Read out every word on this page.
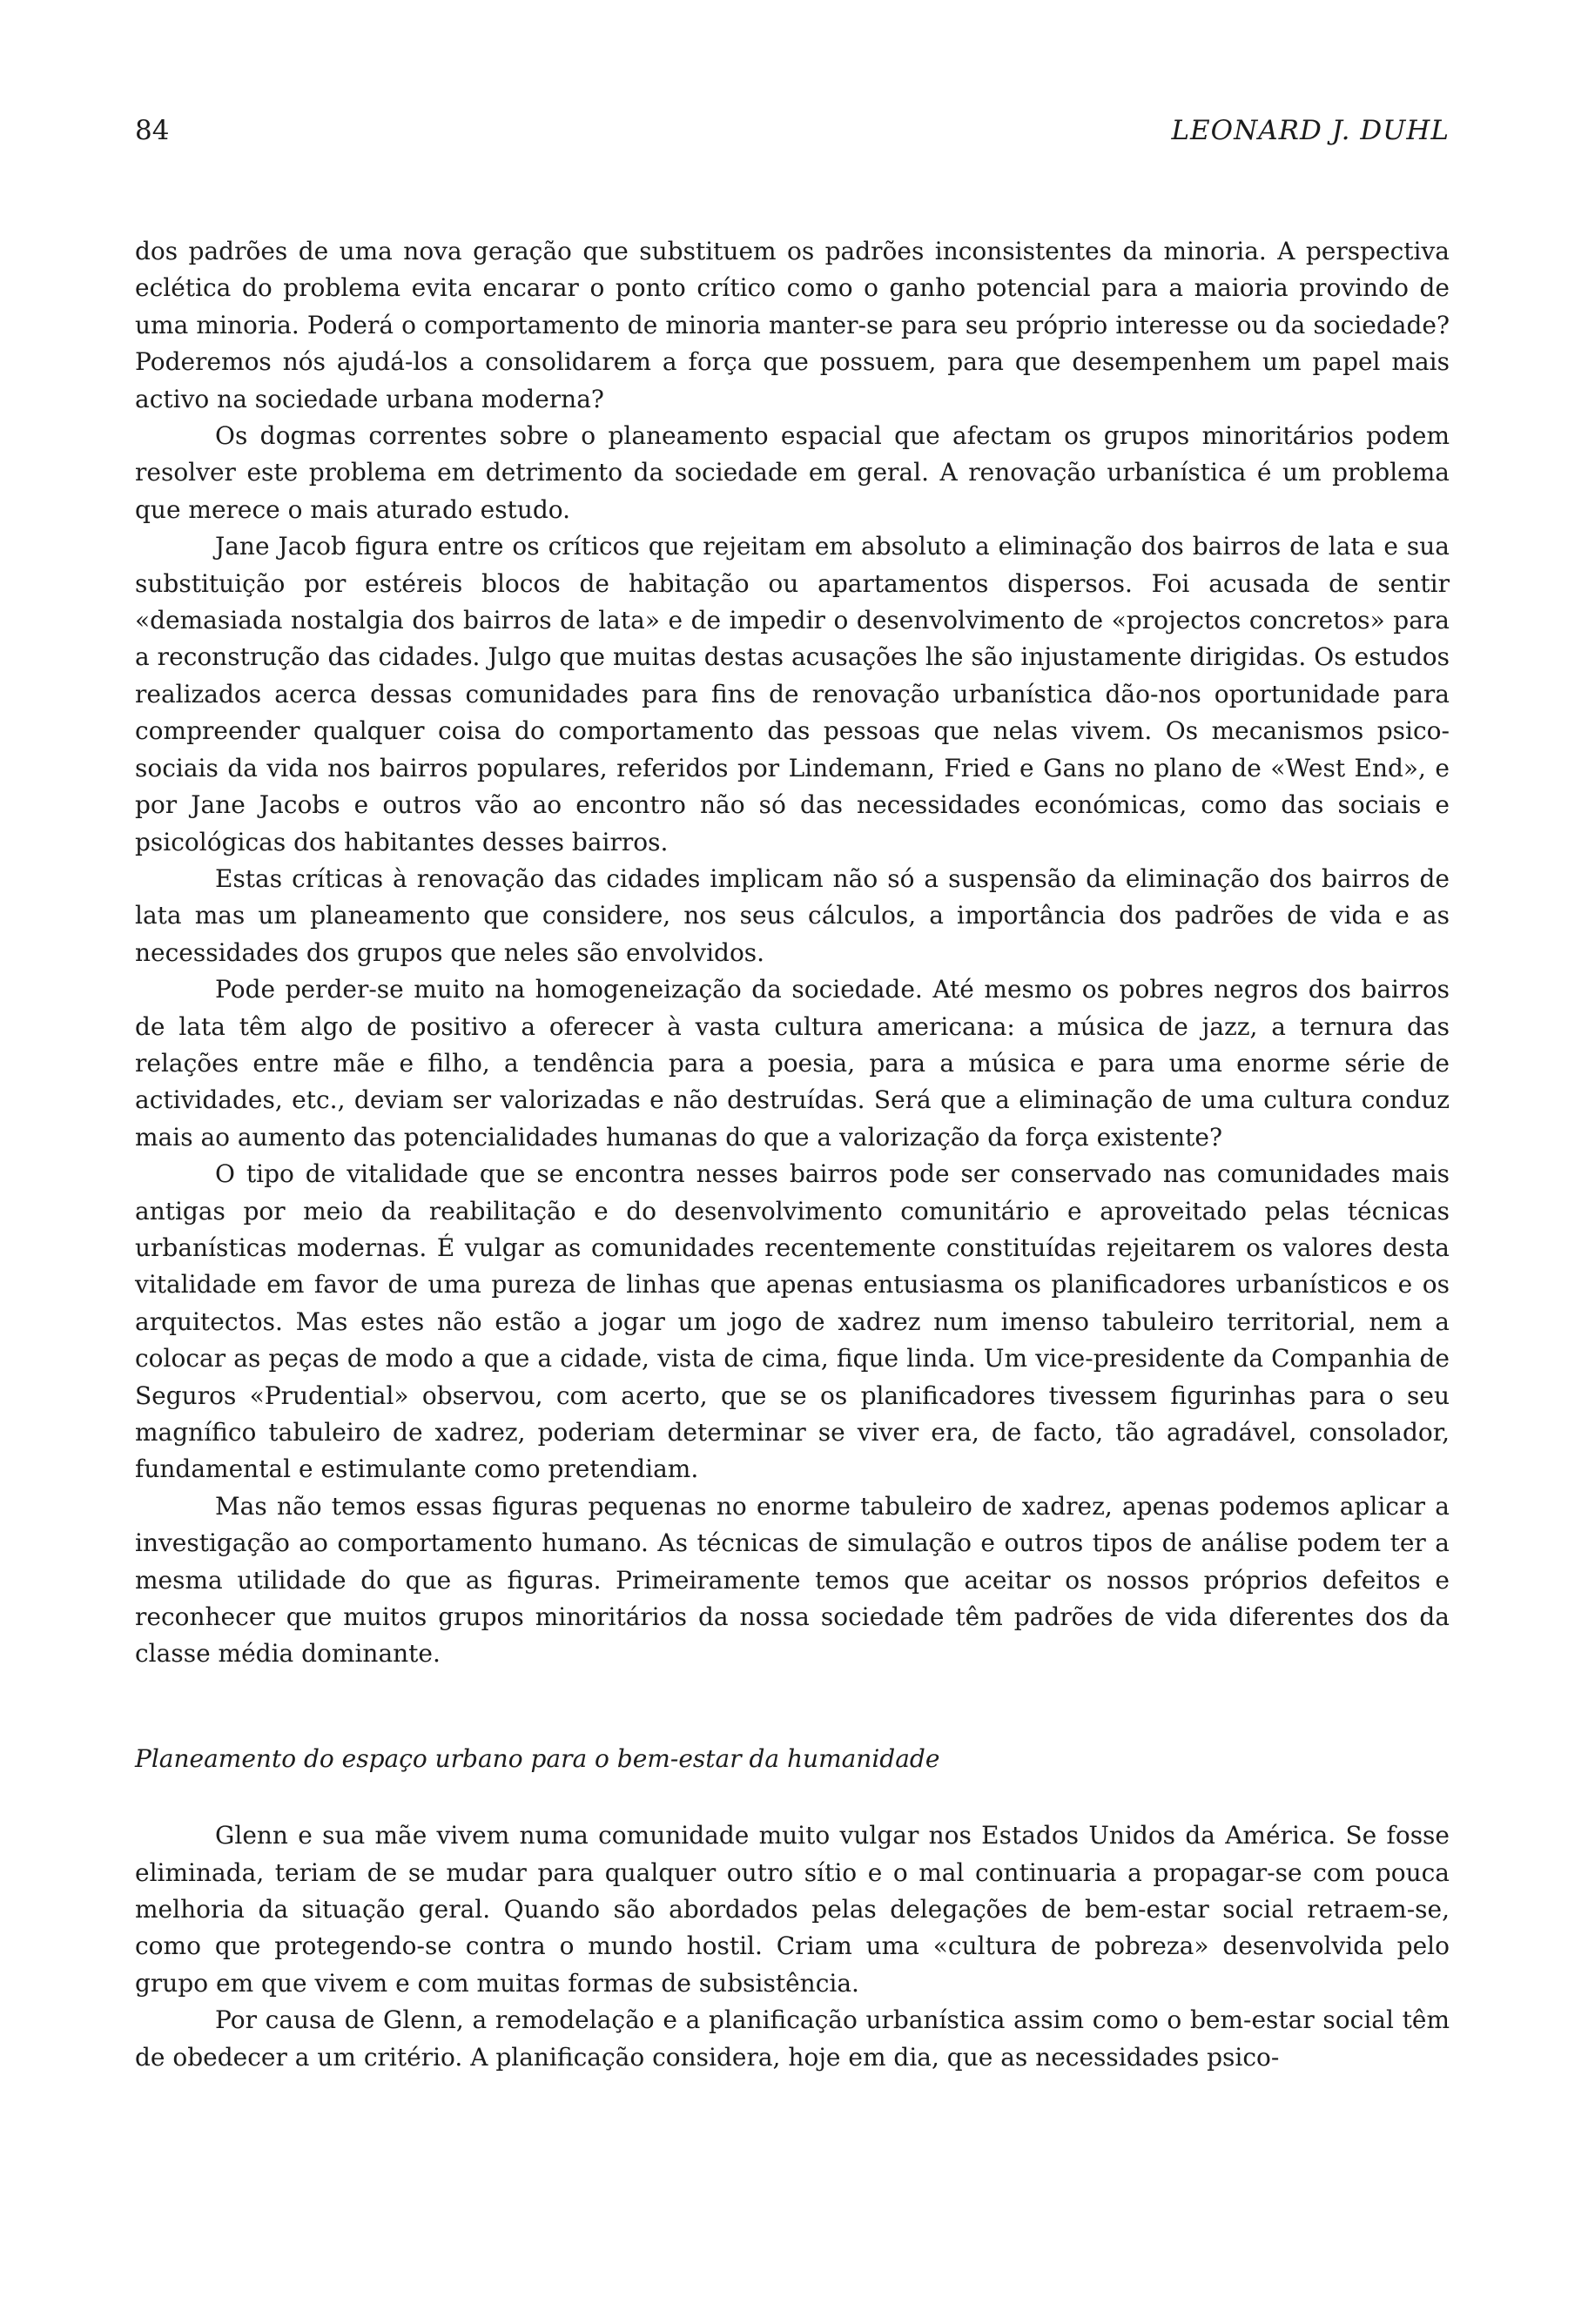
84	LEONARD J. DUHL

dos padrões de uma nova geração que substituem os padrões inconsistentes da minoria. A perspectiva eclética do problema evita encarar o ponto crítico como o ganho potencial para a maioria provindo de uma minoria. Poderá o comportamento de minoria manter-se para seu próprio interesse ou da sociedade? Poderemos nós ajudá-los a consolidarem a força que possuem, para que desempenhem um papel mais activo na sociedade urbana moderna?

Os dogmas correntes sobre o planeamento espacial que afectam os grupos minoritários podem resolver este problema em detrimento da sociedade em geral. A renovação urbanística é um problema que merece o mais aturado estudo.

Jane Jacob figura entre os críticos que rejeitam em absoluto a eliminação dos bairros de lata e sua substituição por estéreis blocos de habitação ou apartamentos dispersos. Foi acusada de sentir «demasiada nostalgia dos bairros de lata» e de impedir o desenvolvimento de «projectos concretos» para a reconstrução das cidades. Julgo que muitas destas acusações lhe são injustamente dirigidas. Os estudos realizados acerca dessas comunidades para fins de renovação urbanística dão-nos oportunidade para compreender qualquer coisa do comportamento das pessoas que nelas vivem. Os mecanismos psico-sociais da vida nos bairros populares, referidos por Lindemann, Fried e Gans no plano de «West End», e por Jane Jacobs e outros vão ao encontro não só das necessidades económicas, como das sociais e psicológicas dos habitantes desses bairros.

Estas críticas à renovação das cidades implicam não só a suspensão da eliminação dos bairros de lata mas um planeamento que considere, nos seus cálculos, a importância dos padrões de vida e as necessidades dos grupos que neles são envolvidos.

Pode perder-se muito na homogeneização da sociedade. Até mesmo os pobres negros dos bairros de lata têm algo de positivo a oferecer à vasta cultura americana: a música de jazz, a ternura das relações entre mãe e filho, a tendência para a poesia, para a música e para uma enorme série de actividades, etc., deviam ser valorizadas e não destruídas. Será que a eliminação de uma cultura conduz mais ao aumento das potencialidades humanas do que a valorização da força existente?

O tipo de vitalidade que se encontra nesses bairros pode ser conservado nas comunidades mais antigas por meio da reabilitação e do desenvolvimento comunitário e aproveitado pelas técnicas urbanísticas modernas. É vulgar as comunidades recentemente constituídas rejeitarem os valores desta vitalidade em favor de uma pureza de linhas que apenas entusiasma os planificadores urbanísticos e os arquitectos. Mas estes não estão a jogar um jogo de xadrez num imenso tabuleiro territorial, nem a colocar as peças de modo a que a cidade, vista de cima, fique linda. Um vice-presidente da Companhia de Seguros «Prudential» observou, com acerto, que se os planificadores tivessem figurinhas para o seu magnífico tabuleiro de xadrez, poderiam determinar se viver era, de facto, tão agradável, consolador, fundamental e estimulante como pretendiam.

Mas não temos essas figuras pequenas no enorme tabuleiro de xadrez, apenas podemos aplicar a investigação ao comportamento humano. As técnicas de simulação e outros tipos de análise podem ter a mesma utilidade do que as figuras. Primeiramente temos que aceitar os nossos próprios defeitos e reconhecer que muitos grupos minoritários da nossa sociedade têm padrões de vida diferentes dos da classe média dominante.

Planeamento do espaço urbano para o bem-estar da humanidade

Glenn e sua mãe vivem numa comunidade muito vulgar nos Estados Unidos da América. Se fosse eliminada, teriam de se mudar para qualquer outro sítio e o mal continuaria a propagar-se com pouca melhoria da situação geral. Quando são abordados pelas delegações de bem-estar social retraem-se, como que protegendo-se contra o mundo hostil. Criam uma «cultura de pobreza» desenvolvida pelo grupo em que vivem e com muitas formas de subsistência.

Por causa de Glenn, a remodelação e a planificação urbanística assim como o bem-estar social têm de obedecer a um critério. A planificação considera, hoje em dia, que as necessidades psico-
